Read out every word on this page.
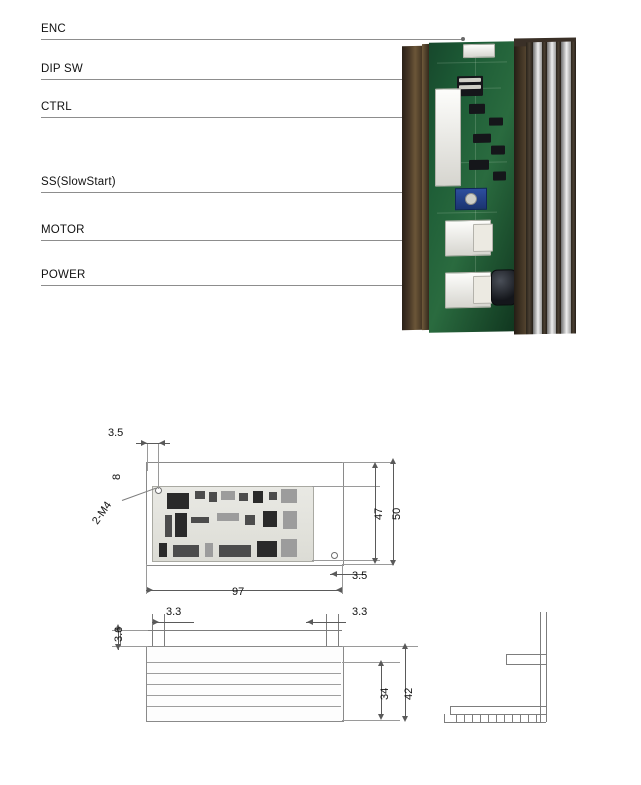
ENC
DIP SW
CTRL
SS(SlowStart)
MOTOR
POWER
3.5
8
2-M4	47 50
97
3.5
3.3	3.3
3.6
34 42
